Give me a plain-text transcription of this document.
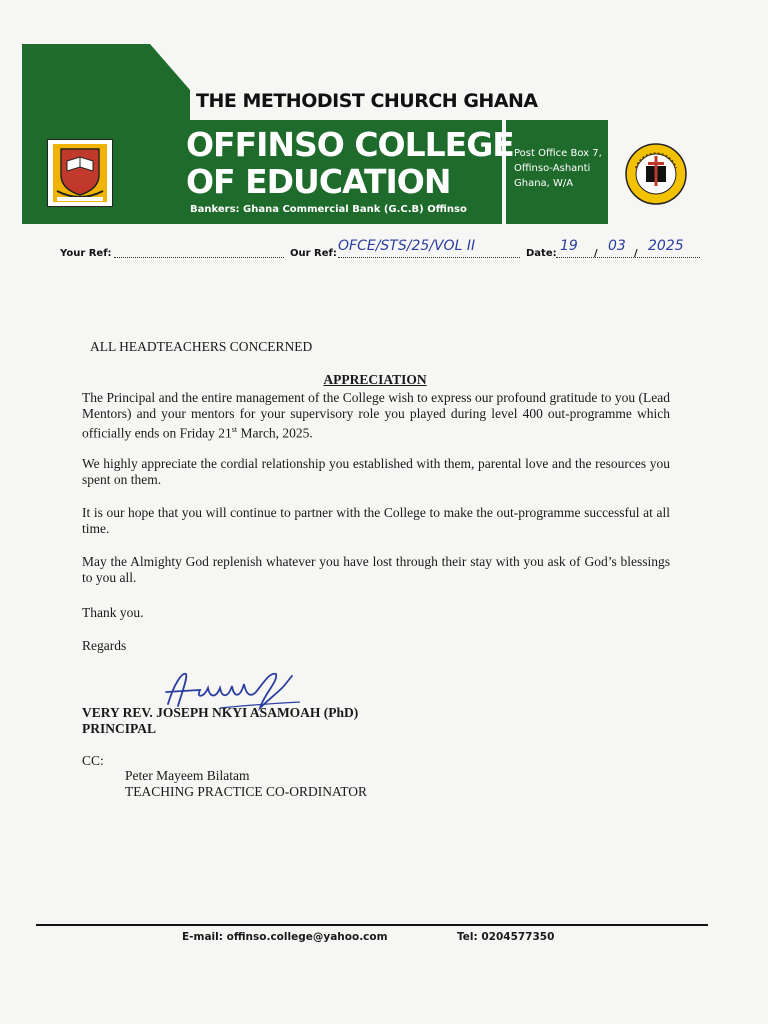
THE METHODIST CHURCH GHANA
OFFINSO COLLEGE
OF EDUCATION
Bankers: Ghana Commercial Bank (G.C.B) Offinso
Post Office Box 7,
Offinso-Ashanti
Ghana, W/A
Your Ref:	Our Ref: OFCE/STS/25/VOL II	Date: 19 / 03 / 2025
ALL HEADTEACHERS CONCERNED
APPRECIATION
The Principal and the entire management of the College wish to express our profound gratitude to you (Lead Mentors) and your mentors for your supervisory role you played during level 400 out-programme which officially ends on Friday 21st March, 2025.
We highly appreciate the cordial relationship you established with them, parental love and the resources you spent on them.
It is our hope that you will continue to partner with the College to make the out-programme successful at all time.
May the Almighty God replenish whatever you have lost through their stay with you ask of God’s blessings to you all.
Thank you.
Regards
VERY REV. JOSEPH NKYI ASAMOAH (PhD)
PRINCIPAL
CC:
Peter Mayeem Bilatam
TEACHING PRACTICE CO-ORDINATOR
E-mail: offinso.college@yahoo.com	Tel: 0204577350
